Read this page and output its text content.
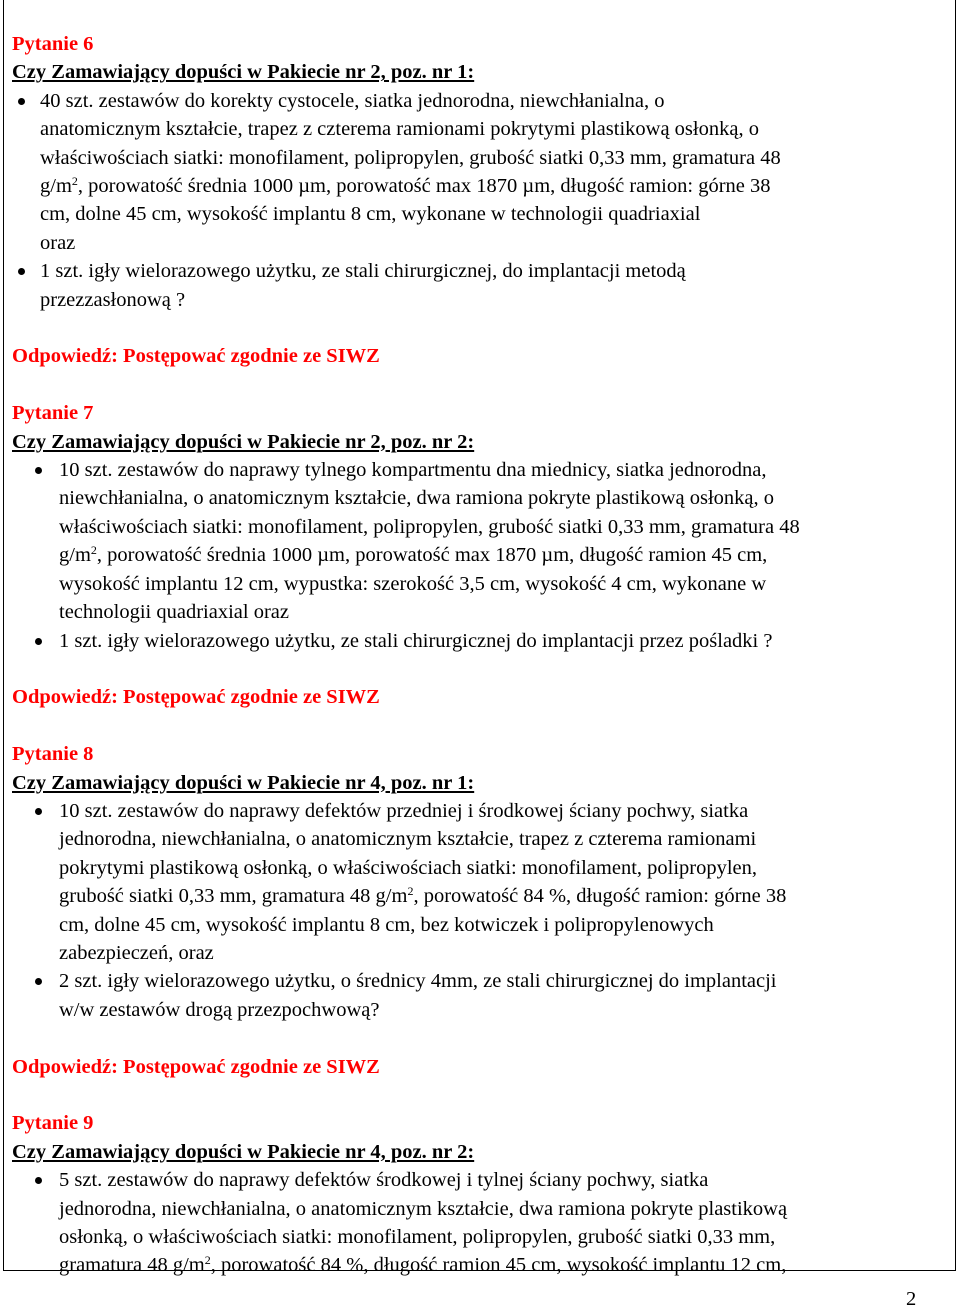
Pytanie 6
Czy Zamawiający dopuści w Pakiecie nr 2, poz. nr 1:
40 szt. zestawów do korekty cystocele, siatka jednorodna, niewchłanialna, o
anatomicznym kształcie, trapez z czterema ramionami pokrytymi plastikową osłonką, o
właściwościach siatki: monofilament, polipropylen, grubość siatki 0,33 mm, gramatura 48
$g/m^2$, porowatość średnia 1000 µm, porowatość max 1870 µm, długość ramion: górne 38
cm, dolne 45 cm, wysokość implantu 8 cm, wykonane w technologii quadriaxial
oraz
1 szt. igły wielorazowego użytku, ze stali chirurgicznej, do implantacji metodą
przezzasłonową ?
Odpowiedź: Postępować zgodnie ze SIWZ
Pytanie 7
Czy Zamawiający dopuści w Pakiecie nr 2, poz. nr 2:
10 szt. zestawów do naprawy tylnego kompartmentu dna miednicy, siatka jednorodna,
niewchłanialna, o anatomicznym kształcie, dwa ramiona pokryte plastikową osłonką, o
właściwościach siatki: monofilament, polipropylen, grubość siatki 0,33 mm, gramatura 48
$g/m^2$, porowatość średnia 1000 µm, porowatość max 1870 µm, długość ramion 45 cm,
wysokość implantu 12 cm, wypustka: szerokość 3,5 cm, wysokość 4 cm, wykonane w
technologii quadriaxial oraz
1 szt. igły wielorazowego użytku, ze stali chirurgicznej do implantacji przez pośladki ?
Odpowiedź: Postępować zgodnie ze SIWZ
Pytanie 8
Czy Zamawiający dopuści w Pakiecie nr 4, poz. nr 1:
10 szt. zestawów do naprawy defektów przedniej i środkowej ściany pochwy, siatka
jednorodna, niewchłanialna, o anatomicznym kształcie, trapez z czterema ramionami
pokrytymi plastikową osłonką, o właściwościach siatki: monofilament, polipropylen,
grubość siatki 0,33 mm, gramatura 48 $g/m^2$, porowatość 84 %, długość ramion: górne 38
cm, dolne 45 cm, wysokość implantu 8 cm, bez kotwiczek i polipropylenowych
zabezpieczeń, oraz
2 szt. igły wielorazowego użytku, o średnicy 4mm, ze stali chirurgicznej do implantacji
w/w zestawów drogą przezpochwową?
Odpowiedź: Postępować zgodnie ze SIWZ
Pytanie 9
Czy Zamawiający dopuści w Pakiecie nr 4, poz. nr 2:
5 szt. zestawów do naprawy defektów środkowej i tylnej ściany pochwy, siatka
jednorodna, niewchłanialna, o anatomicznym kształcie, dwa ramiona pokryte plastikową
osłonką, o właściwościach siatki: monofilament, polipropylen, grubość siatki 0,33 mm,
gramatura 48 $g/m^2$, porowatość 84 %, długość ramion 45 cm, wysokość implantu 12 cm,
2
